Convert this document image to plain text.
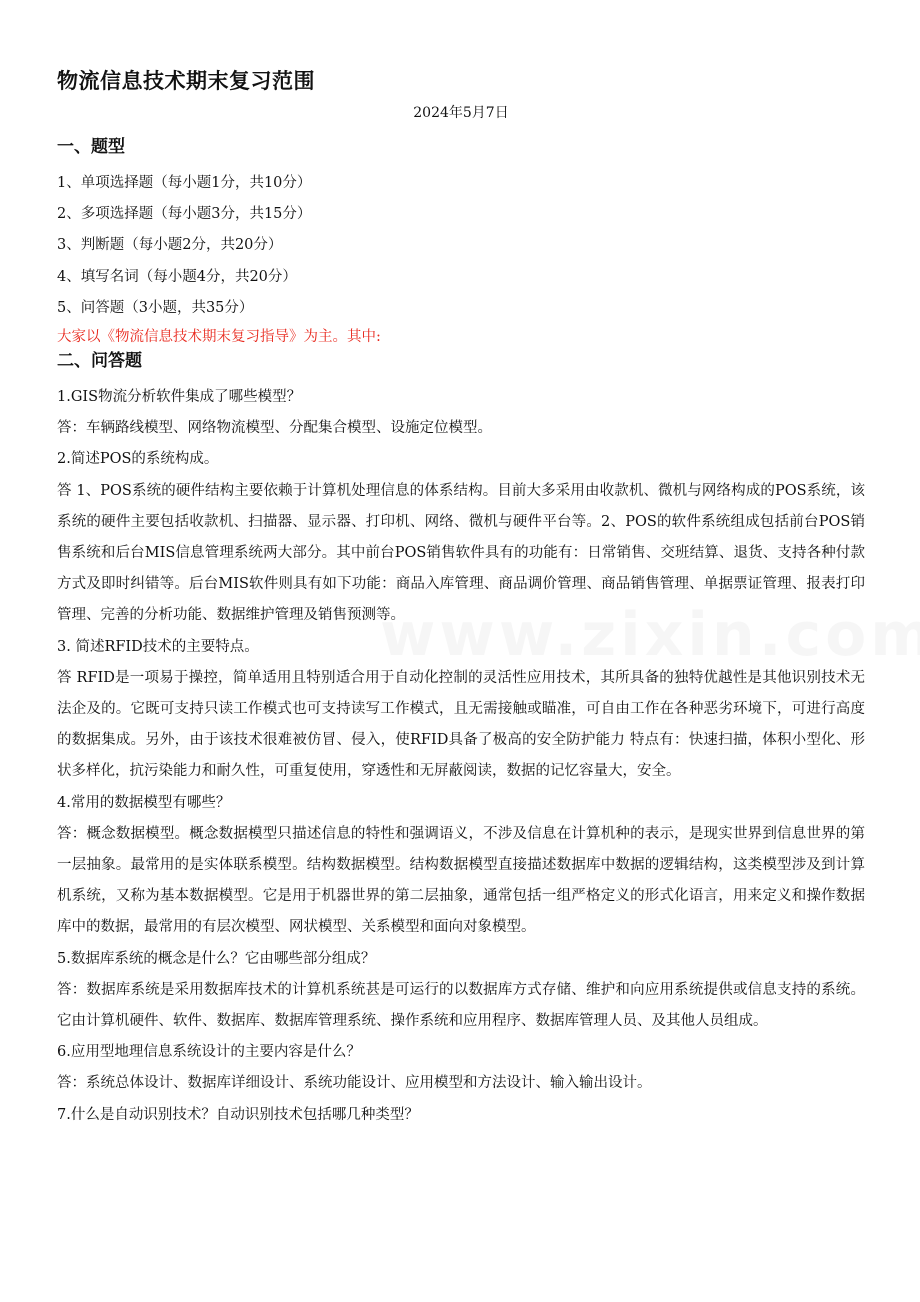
物流信息技术期末复习范围

2024年5月7日

一、题型
1、单项选择题（每小题1分，共10分）
2、多项选择题（每小题3分，共15分）
3、判断题（每小题2分，共20分）
4、填写名词（每小题4分，共20分）
5、问答题（3小题，共35分）
大家以《物流信息技术期末复习指导》为主。其中:
二、问答题

1.GIS物流分析软件集成了哪些模型？

答：车辆路线模型、网络物流模型、分配集合模型、设施定位模型。

2.简述POS的系统构成。

答 1、POS系统的硬件结构主要依赖于计算机处理信息的体系结构。目前大多采用由收款机、微机与网络构成的POS系统，该系统的硬件主要包括收款机、扫描器、显示器、打印机、网络、微机与硬件平台等。2、POS的软件系统组成包括前台POS销售系统和后台MIS信息管理系统两大部分。其中前台POS销售软件具有的功能有：日常销售、交班结算、退货、支持各种付款方式及即时纠错等。后台MIS软件则具有如下功能：商品入库管理、商品调价管理、商品销售管理、单据票证管理、报表打印管理、完善的分析功能、数据维护管理及销售预测等。

3. 简述RFID技术的主要特点。

答 RFID是一项易于操控，简单适用且特别适合用于自动化控制的灵活性应用技术，其所具备的独特优越性是其他识别技术无法企及的。它既可支持只读工作模式也可支持读写工作模式，且无需接触或瞄准，可自由工作在各种恶劣环境下，可进行高度的数据集成。另外，由于该技术很难被仿冒、侵入，使RFID具备了极高的安全防护能力 特点有：快速扫描，体积小型化、形状多样化，抗污染能力和耐久性，可重复使用，穿透性和无屏蔽阅读，数据的记忆容量大，安全。

4.常用的数据模型有哪些？

答：概念数据模型。概念数据模型只描述信息的特性和强调语义，不涉及信息在计算机种的表示，是现实世界到信息世界的第一层抽象。最常用的是实体联系模型。结构数据模型。结构数据模型直接描述数据库中数据的逻辑结构，这类模型涉及到计算机系统，又称为基本数据模型。它是用于机器世界的第二层抽象，通常包括一组严格定义的形式化语言，用来定义和操作数据库中的数据，最常用的有层次模型、网状模型、关系模型和面向对象模型。

5.数据库系统的概念是什么？它由哪些部分组成？

答：数据库系统是采用数据库技术的计算机系统甚是可运行的以数据库方式存储、维护和向应用系统提供或信息支持的系统。它由计算机硬件、软件、数据库、数据库管理系统、操作系统和应用程序、数据库管理人员、及其他人员组成。

6.应用型地理信息系统设计的主要内容是什么？

答：系统总体设计、数据库详细设计、系统功能设计、应用模型和方法设计、输入输出设计。

7.什么是自动识别技术？自动识别技术包括哪几种类型？
